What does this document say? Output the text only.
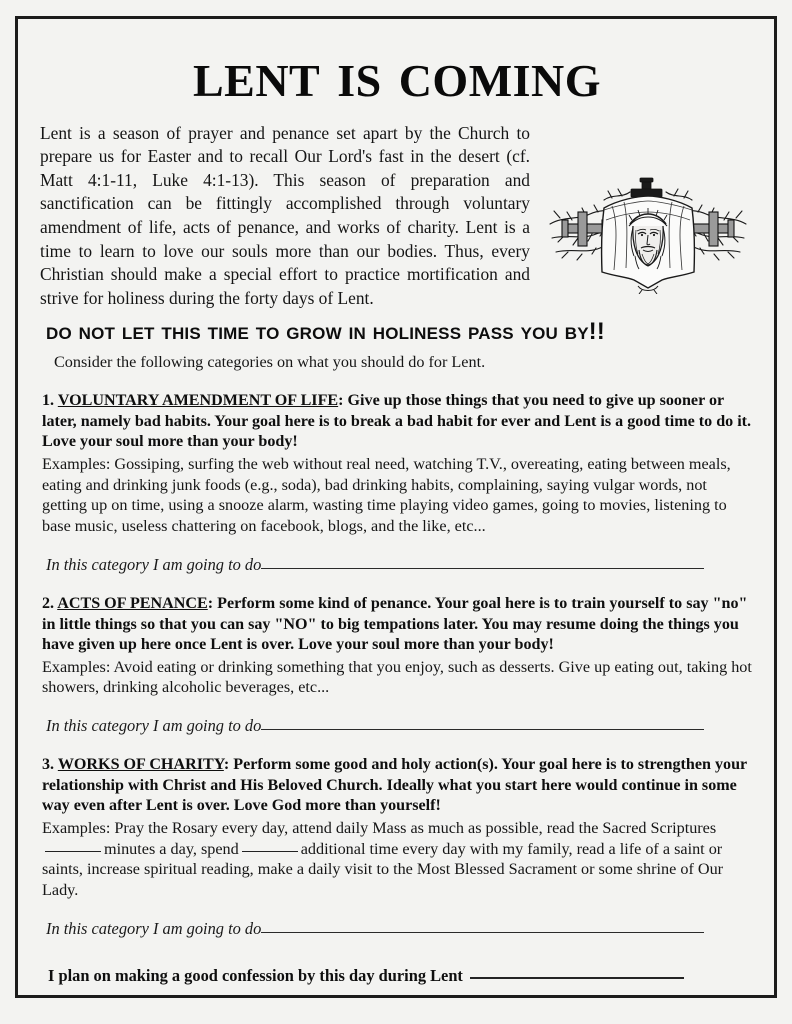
lent is coming

Lent is a season of prayer and penance set apart by the Church to prepare us for Easter and to recall Our Lord's fast in the desert (cf. Matt 4:1-11, Luke 4:1-13). This season of preparation and sanctification can be fittingly accomplished through voluntary amendment of life, acts of penance, and works of charity. Lent is a time to learn to love our souls more than our bodies. Thus, every Christian should make a special effort to practice mortification and strive for holiness during the forty days of Lent.

do not let this time to grow in holiness pass you by!!
Consider the following categories on what you should do for Lent.

1. VOLUNTARY AMENDMENT OF LIFE: Give up those things that you need to give up sooner or later, namely bad habits. Your goal here is to break a bad habit for ever and Lent is a good time to do it. Love your soul more than your body!

Examples: Gossiping, surfing the web without real need, watching T.V., overeating, eating between meals, eating and drinking junk foods (e.g., soda), bad drinking habits, complaining, saying vulgar words, not getting up on time, using a snooze alarm, wasting time playing video games, going to movies, listening to base music, useless chattering on facebook, blogs, and the like, etc...

In this category I am going to do

2. ACTS OF PENANCE: Perform some kind of penance. Your goal here is to train yourself to say "no" in little things so that you can say "NO" to big tempations later. You may resume doing the things you have given up here once Lent is over. Love your soul more than your body!

Examples: Avoid eating or drinking something that you enjoy, such as desserts. Give up eating out, taking hot showers, drinking alcoholic beverages, etc...

In this category I am going to do

3. WORKS OF CHARITY: Perform some good and holy action(s). Your goal here is to strengthen your relationship with Christ and His Beloved Church. Ideally what you start here would continue in some way even after Lent is over. Love God more than yourself!

Examples: Pray the Rosary every day, attend daily Mass as much as possible, read the Sacred Scripturesminutes a day, spend	additional time every day with my family, read a life of a saint or saints, increase spiritual reading, make a daily visit to the Most Blessed Sacrament or some shrine of Our Lady.

In this category I am going to do
I plan on making a good confession by this day during Lent
